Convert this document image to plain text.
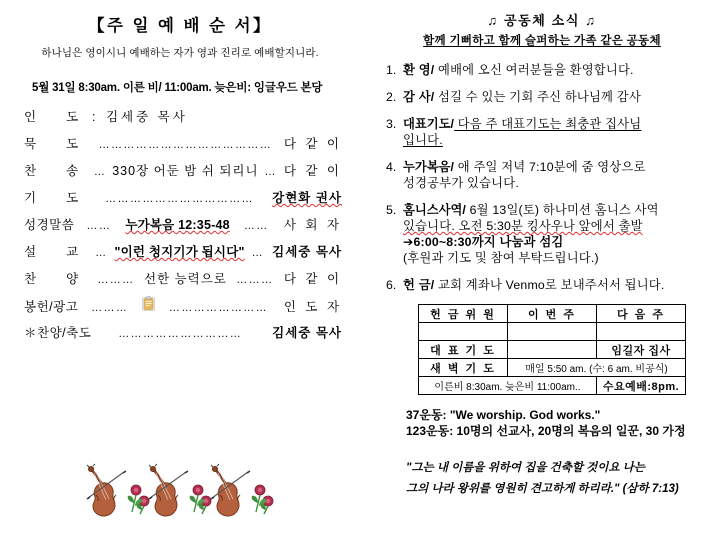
【주 일 예 배 순 서】
하나님은 영이시니 예배하는 자가 영과 진리로 예배할지니라.
5월 31일 8:30am. 이른 비/ 11:00am. 늦은비: 잉글우드 본당
인 도	: 김세중 목사
묵 도	…………………………………… 다 같 이
찬 송	… 330장 어둔 밤 쉬 되리니 … 다 같 이
기 도	………………………………	강현화 권사
성경말씀	……	누가복음 12:35-48	……	사 회 자
설 교	… "이런 청지기가 됩시다" … 김세중 목사
찬 양	……… 선한 능력으로 ……… 다 같 이
봉헌/광고	………	……………………	인 도 자
＊찬양/축도	…………………………	김세중 목사
♫ 공동체 소식 ♫
함께 기뻐하고 함께 슬퍼하는 가족 같은 공동체
1. 환 영/ 예배에 오신 여러분들을 환영합니다.
2. 감 사/ 섬길 수 있는 기회 주신 하나님께 감사
3. 대표기도/ 다음 주 대표기도는 최충관 집사님
입니다.
4. 누가복음/ 애 주일 저녁 7:10분에 줌 영상으로
성경공부가 있습니다.
5. 홈니스사역/ 6월 13일(토) 하나미션 홈니스 사역
있습니다. 오전 5:30분 킹사우나 앞에서 출발
➔6:00~8:30까지 나눔과 섬김
(후원과 기도 및 참여 부탁드립니다.)
6. 헌 금/ 교회 계좌나 Venmo로 보내주서서 됩니다.
헌 금 위 원	이 번 주	다 음 주

대 표 기 도		임길자 집사
새 벽 기 도	매일 5:50 am. (수: 6 am. 비공식)	
이른비 8:30am. 늦은비 11:00am..		수요예배:8pm.
37운동: "We worship. God works."
123운동: 10명의 선교사, 20명의 복음의 일꾼, 30 가정
"그는 내 이름을 위하여 집을 건축할 것이요 나는
그의 나라 왕위를 영원히 견고하게 하리라." (삼하 7:13)
